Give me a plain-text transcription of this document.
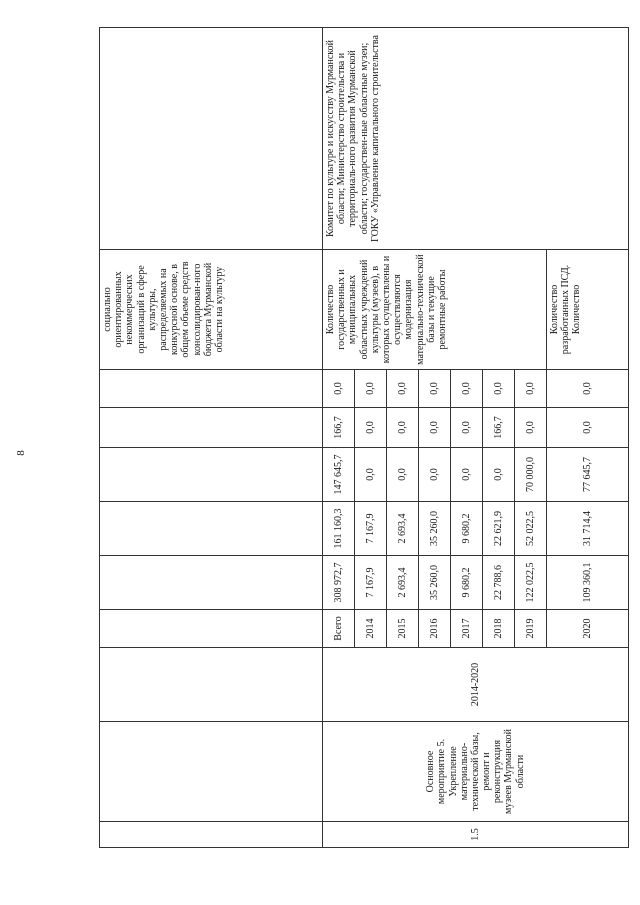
8
									социально ориентированных некоммерческих организаций в сфере культуры, распределяемых на конкурсной основе, в общем объеме средств консолидирован-ного бюджета Мурманской области на культуру	
1.5	Основное мероприятие 5. Укрепление материально-технической базы, ремонт и реконструкция музеев Мурманской области	2014-2020	Всего	308 972,7	161 160,3	147 645,7	166,7	0,0	Количество государственных и муниципальных областных учреждений культуры (музеев), в которых осуществлены и осуществляются модернизация материально-технической базы и текущие ремонтные работы	Комитет по культуре и искусству Мурманской области; Министерство строительства и территориаль-ного развития Мурманской области; государствен-ные областные музеи; ГОКУ «Управление капитального строительства
			2014	7 167,9	7 167,9	0,0	0,0	0,0		
			2015	2 693,4	2 693,4	0,0	0,0	0,0		
			2016	35 260,0	35 260,0	0,0	0,0	0,0		
			2017	9 680,2	9 680,2	0,0	0,0	0,0		
			2018	22 788,6	22 621,9	0,0	166,7	0,0		
			2019	122 022,5	52 022,5	70 000,0	0,0	0,0		
			2020	109 360,1	31 714,4	77 645,7	0,0	0,0	Количество разработанных ПСД. Количество	
